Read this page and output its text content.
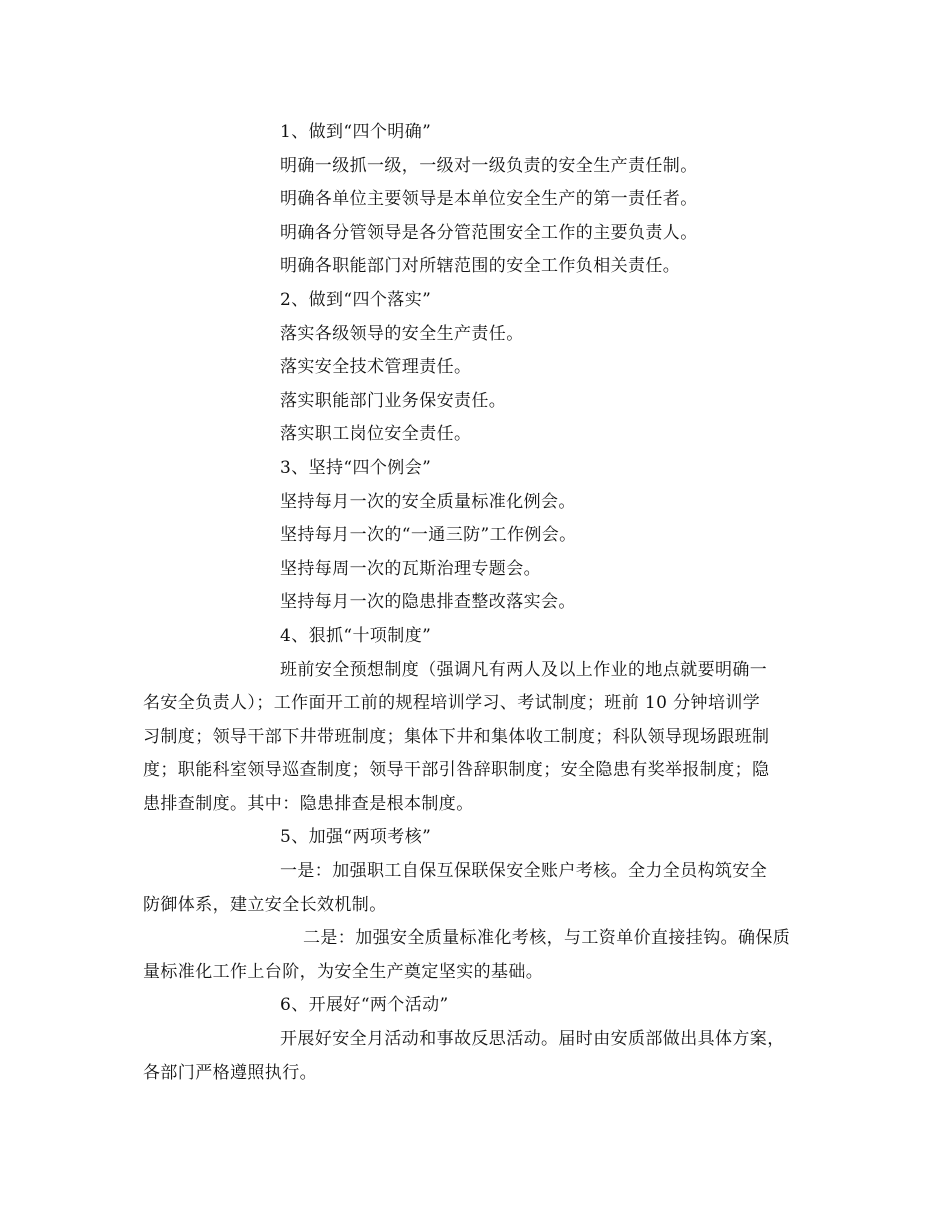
1、做到“四个明确”
明确一级抓一级，一级对一级负责的安全生产责任制。
明确各单位主要领导是本单位安全生产的第一责任者。
明确各分管领导是各分管范围安全工作的主要负责人。
明确各职能部门对所辖范围的安全工作负相关责任。
2、做到“四个落实”
落实各级领导的安全生产责任。
落实安全技术管理责任。
落实职能部门业务保安责任。
落实职工岗位安全责任。
3、坚持“四个例会”
坚持每月一次的安全质量标准化例会。
坚持每月一次的“一通三防”工作例会。
坚持每周一次的瓦斯治理专题会。
坚持每月一次的隐患排查整改落实会。
4、狠抓“十项制度”
班前安全预想制度（强调凡有两人及以上作业的地点就要明确一
名安全负责人）；工作面开工前的规程培训学习、考试制度；班前 10 分钟培训学
习制度；领导干部下井带班制度；集体下井和集体收工制度；科队领导现场跟班制
度；职能科室领导巡查制度；领导干部引咎辞职制度；安全隐患有奖举报制度；隐
患排查制度。其中：隐患排查是根本制度。
5、加强“两项考核”
一是：加强职工自保互保联保安全账户考核。全力全员构筑安全
防御体系，建立安全长效机制。
二是：加强安全质量标准化考核，与工资单价直接挂钩。确保质
量标准化工作上台阶，为安全生产奠定坚实的基础。
6、开展好“两个活动”
开展好安全月活动和事故反思活动。届时由安质部做出具体方案，
各部门严格遵照执行。
